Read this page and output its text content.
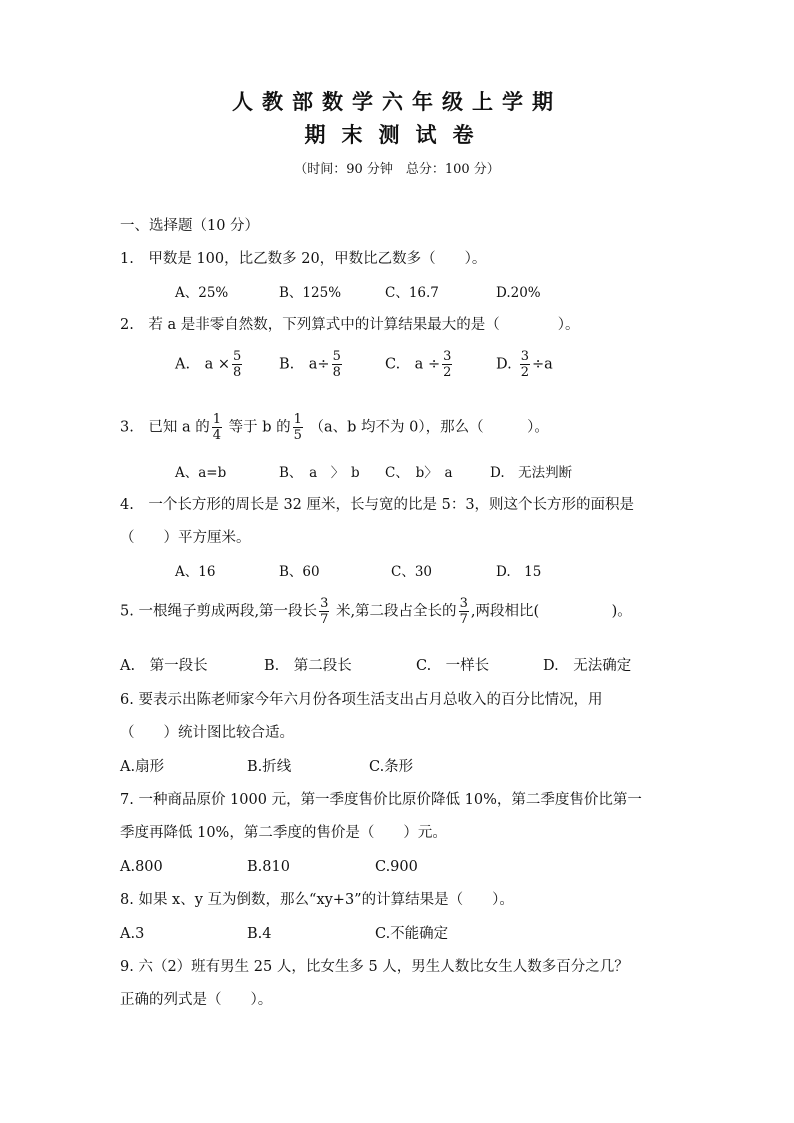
人教部数学六年级上学期
期末测试卷
（时间：90 分钟　总分：100 分）
一、选择题（10 分）
1.　甲数是 100，比乙数多 20，甲数比乙数多（　　）。
A、25%	B、125%	C、16.7	D.20%
2.　若 a 是非零自然数，下列算式中的计算结果最大的是（　　　　）。
A.　$a \times \frac{5}{8}$	B.　$a\div \frac{5}{8}$	C.　$a \div \frac{3}{2}$	D. $\frac{3}{2} \div a$
3.　已知 a 的 $\frac{1}{4}$ 等于 b 的 $\frac{1}{5} (a$、b 均不为 0），那么（　　　）。
A、a=b	B、　a　〉　b C、　b〉　a	D.　无法判断
4.　一个长方形的周长是 32 厘米，长与宽的比是 5：3，则这个长方形的面积是
（　　）平方厘米。
A、16	B、60	C、30	D.　15
5. 一根绳子剪成两段,第一段长 $\frac{3}{7}$ 米,第二段占全长的 $\frac{3}{7}$ ,两段相比(　　　　　)。
A.　第一段长	B.　第二段长	C.　一样长	D.　无法确定
6. 要表示出陈老师家今年六月份各项生活支出占月总收入的百分比情况，用
（　　）统计图比较合适。
A.扇形	B.折线	C.条形
7. 一种商品原价 1000 元，第一季度售价比原价降低 10%，第二季度售价比第一
季度再降低 10%，第二季度的售价是（　　）元。
A.800	B.810	C.900
8. 如果 x、y 互为倒数，那么“xy+3”的计算结果是（　　）。
A.3	B.4	C.不能确定
9. 六（2）班有男生 25 人，比女生多 5 人，男生人数比女生人数多百分之几？
正确的列式是（　　）。
